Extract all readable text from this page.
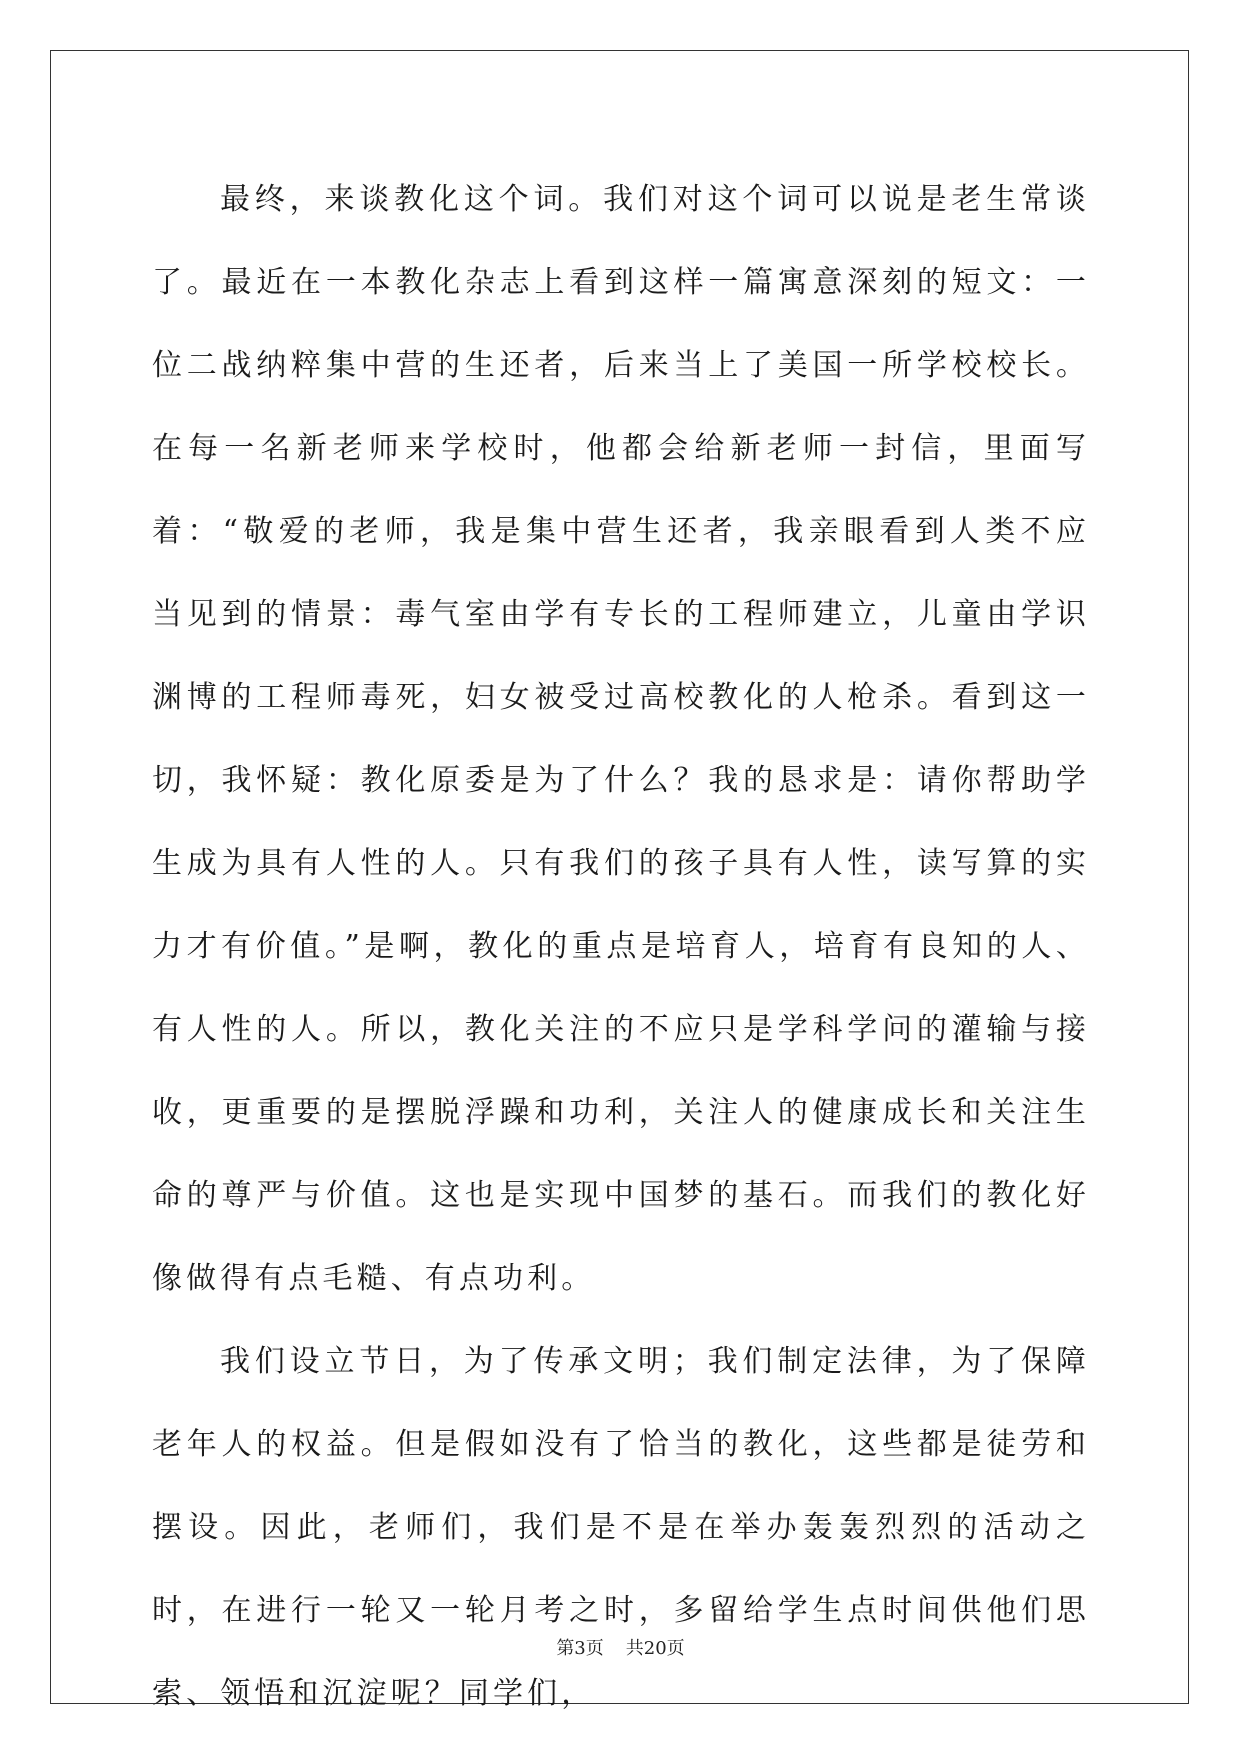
最终，来谈教化这个词。我们对这个词可以说是老生常谈了。最近在一本教化杂志上看到这样一篇寓意深刻的短文：一位二战纳粹集中营的生还者，后来当上了美国一所学校校长。在每一名新老师来学校时，他都会给新老师一封信，里面写着：“敬爱的老师，我是集中营生还者，我亲眼看到人类不应当见到的情景：毒气室由学有专长的工程师建立，儿童由学识渊博的工程师毒死，妇女被受过高校教化的人枪杀。看到这一切，我怀疑：教化原委是为了什么？我的恳求是：请你帮助学生成为具有人性的人。只有我们的孩子具有人性，读写算的实力才有价值。”是啊，教化的重点是培育人，培育有良知的人、有人性的人。所以，教化关注的不应只是学科学问的灌输与接收，更重要的是摆脱浮躁和功利，关注人的健康成长和关注生命的尊严与价值。这也是实现中国梦的基石。而我们的教化好像做得有点毛糙、有点功利。

我们设立节日，为了传承文明；我们制定法律，为了保障老年人的权益。但是假如没有了恰当的教化，这些都是徒劳和摆设。因此，老师们，我们是不是在举办轰轰烈烈的活动之时，在进行一轮又一轮月考之时，多留给学生点时间供他们思索、领悟和沉淀呢？同学们，

第3页 共20页
